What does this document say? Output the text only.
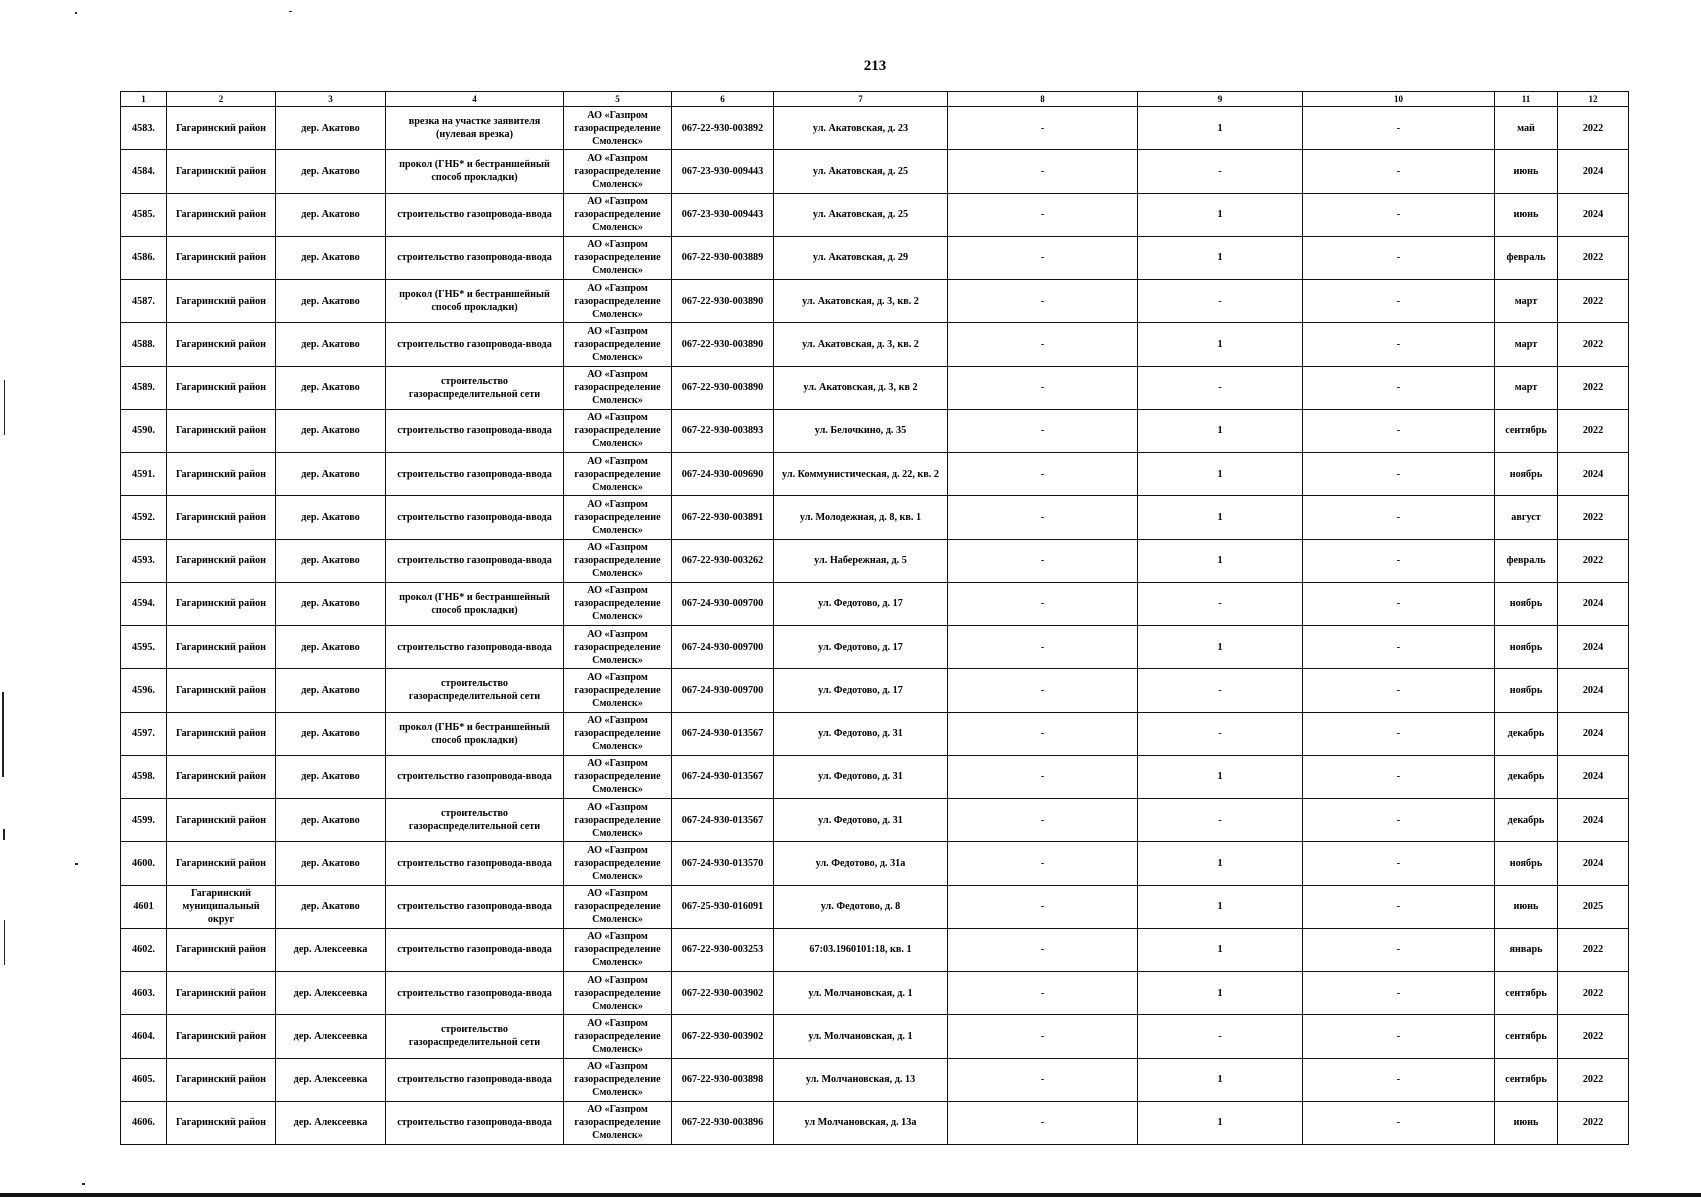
213
1	2	3	4	5	6	7	8	9	10	11	12
4583.	Гагаринский район	дер. Акатово	врезка на участке заявителя (нулевая врезка)	АО «Газпром газораспределение Смоленск»	067-22-930-003892	ул. Акатовская, д. 23	-	1	-	май	2022
4584.	Гагаринский район	дер. Акатово	прокол (ГНБ* и бестраншейный способ прокладки)	АО «Газпром газораспределение Смоленск»	067-23-930-009443	ул. Акатовская, д. 25	-	-	-	июнь	2024
4585.	Гагаринский район	дер. Акатово	строительство газопровода-ввода	АО «Газпром газораспределение Смоленск»	067-23-930-009443	ул. Акатовская, д. 25	-	1	-	июнь	2024
4586.	Гагаринский район	дер. Акатово	строительство газопровода-ввода	АО «Газпром газораспределение Смоленск»	067-22-930-003889	ул. Акатовская, д. 29	-	1	-	февраль	2022
4587.	Гагаринский район	дер. Акатово	прокол (ГНБ* и бестраншейный способ прокладки)	АО «Газпром газораспределение Смоленск»	067-22-930-003890	ул. Акатовская, д. 3, кв. 2	-	-	-	март	2022
4588.	Гагаринский район	дер. Акатово	строительство газопровода-ввода	АО «Газпром газораспределение Смоленск»	067-22-930-003890	ул. Акатовская, д. 3, кв. 2	-	1	-	март	2022
4589.	Гагаринский район	дер. Акатово	строительство газораспределительной сети	АО «Газпром газораспределение Смоленск»	067-22-930-003890	ул. Акатовская, д. 3, кв 2	-	-	-	март	2022
4590.	Гагаринский район	дер. Акатово	строительство газопровода-ввода	АО «Газпром газораспределение Смоленск»	067-22-930-003893	ул. Белочкино, д. 35	-	1	-	сентябрь	2022
4591.	Гагаринский район	дер. Акатово	строительство газопровода-ввода	АО «Газпром газораспределение Смоленск»	067-24-930-009690	ул. Коммунистическая, д. 22, кв. 2	-	1	-	ноябрь	2024
4592.	Гагаринский район	дер. Акатово	строительство газопровода-ввода	АО «Газпром газораспределение Смоленск»	067-22-930-003891	ул. Молодежная, д. 8, кв. 1	-	1	-	август	2022
4593.	Гагаринский район	дер. Акатово	строительство газопровода-ввода	АО «Газпром газораспределение Смоленск»	067-22-930-003262	ул. Набережная, д. 5	-	1	-	февраль	2022
4594.	Гагаринский район	дер. Акатово	прокол (ГНБ* и бестраншейный способ прокладки)	АО «Газпром газораспределение Смоленск»	067-24-930-009700	ул. Федотово, д. 17	-	-	-	ноябрь	2024
4595.	Гагаринский район	дер. Акатово	строительство газопровода-ввода	АО «Газпром газораспределение Смоленск»	067-24-930-009700	ул. Федотово, д. 17	-	1	-	ноябрь	2024
4596.	Гагаринский район	дер. Акатово	строительство газораспределительной сети	АО «Газпром газораспределение Смоленск»	067-24-930-009700	ул. Федотово, д. 17	-	-	-	ноябрь	2024
4597.	Гагаринский район	дер. Акатово	прокол (ГНБ* и бестраншейный способ прокладки)	АО «Газпром газораспределение Смоленск»	067-24-930-013567	ул. Федотово, д. 31	-	-	-	декабрь	2024
4598.	Гагаринский район	дер. Акатово	строительство газопровода-ввода	АО «Газпром газораспределение Смоленск»	067-24-930-013567	ул. Федотово, д. 31	-	1	-	декабрь	2024
4599.	Гагаринский район	дер. Акатово	строительство газораспределительной сети	АО «Газпром газораспределение Смоленск»	067-24-930-013567	ул. Федотово, д. 31	-	-	-	декабрь	2024
4600.	Гагаринский район	дер. Акатово	строительство газопровода-ввода	АО «Газпром газораспределение Смоленск»	067-24-930-013570	ул. Федотово, д. 31а	-	1	-	ноябрь	2024
4601	Гагаринский муниципальный округ	дер. Акатово	строительство газопровода-ввода	АО «Газпром газораспределение Смоленск»	067-25-930-016091	ул. Федотово, д. 8	-	1	-	июнь	2025
4602.	Гагаринский район	дер. Алексеевка	строительство газопровода-ввода	АО «Газпром газораспределение Смоленск»	067-22-930-003253	67:03.1960101:18, кв. 1	-	1	-	январь	2022
4603.	Гагаринский район	дер. Алексеевка	строительство газопровода-ввода	АО «Газпром газораспределение Смоленск»	067-22-930-003902	ул. Молчановская, д. 1	-	1	-	сентябрь	2022
4604.	Гагаринский район	дер. Алексеевка	строительство газораспределительной сети	АО «Газпром газораспределение Смоленск»	067-22-930-003902	ул. Молчановская, д. 1	-	-	-	сентябрь	2022
4605.	Гагаринский район	дер. Алексеевка	строительство газопровода-ввода	АО «Газпром газораспределение Смоленск»	067-22-930-003898	ул. Молчановская, д. 13	-	1	-	сентябрь	2022
4606.	Гагаринский район	дер. Алексеевка	строительство газопровода-ввода	АО «Газпром газораспределение Смоленск»	067-22-930-003896	ул Молчановская, д. 13а	-	1	-	июнь	2022
